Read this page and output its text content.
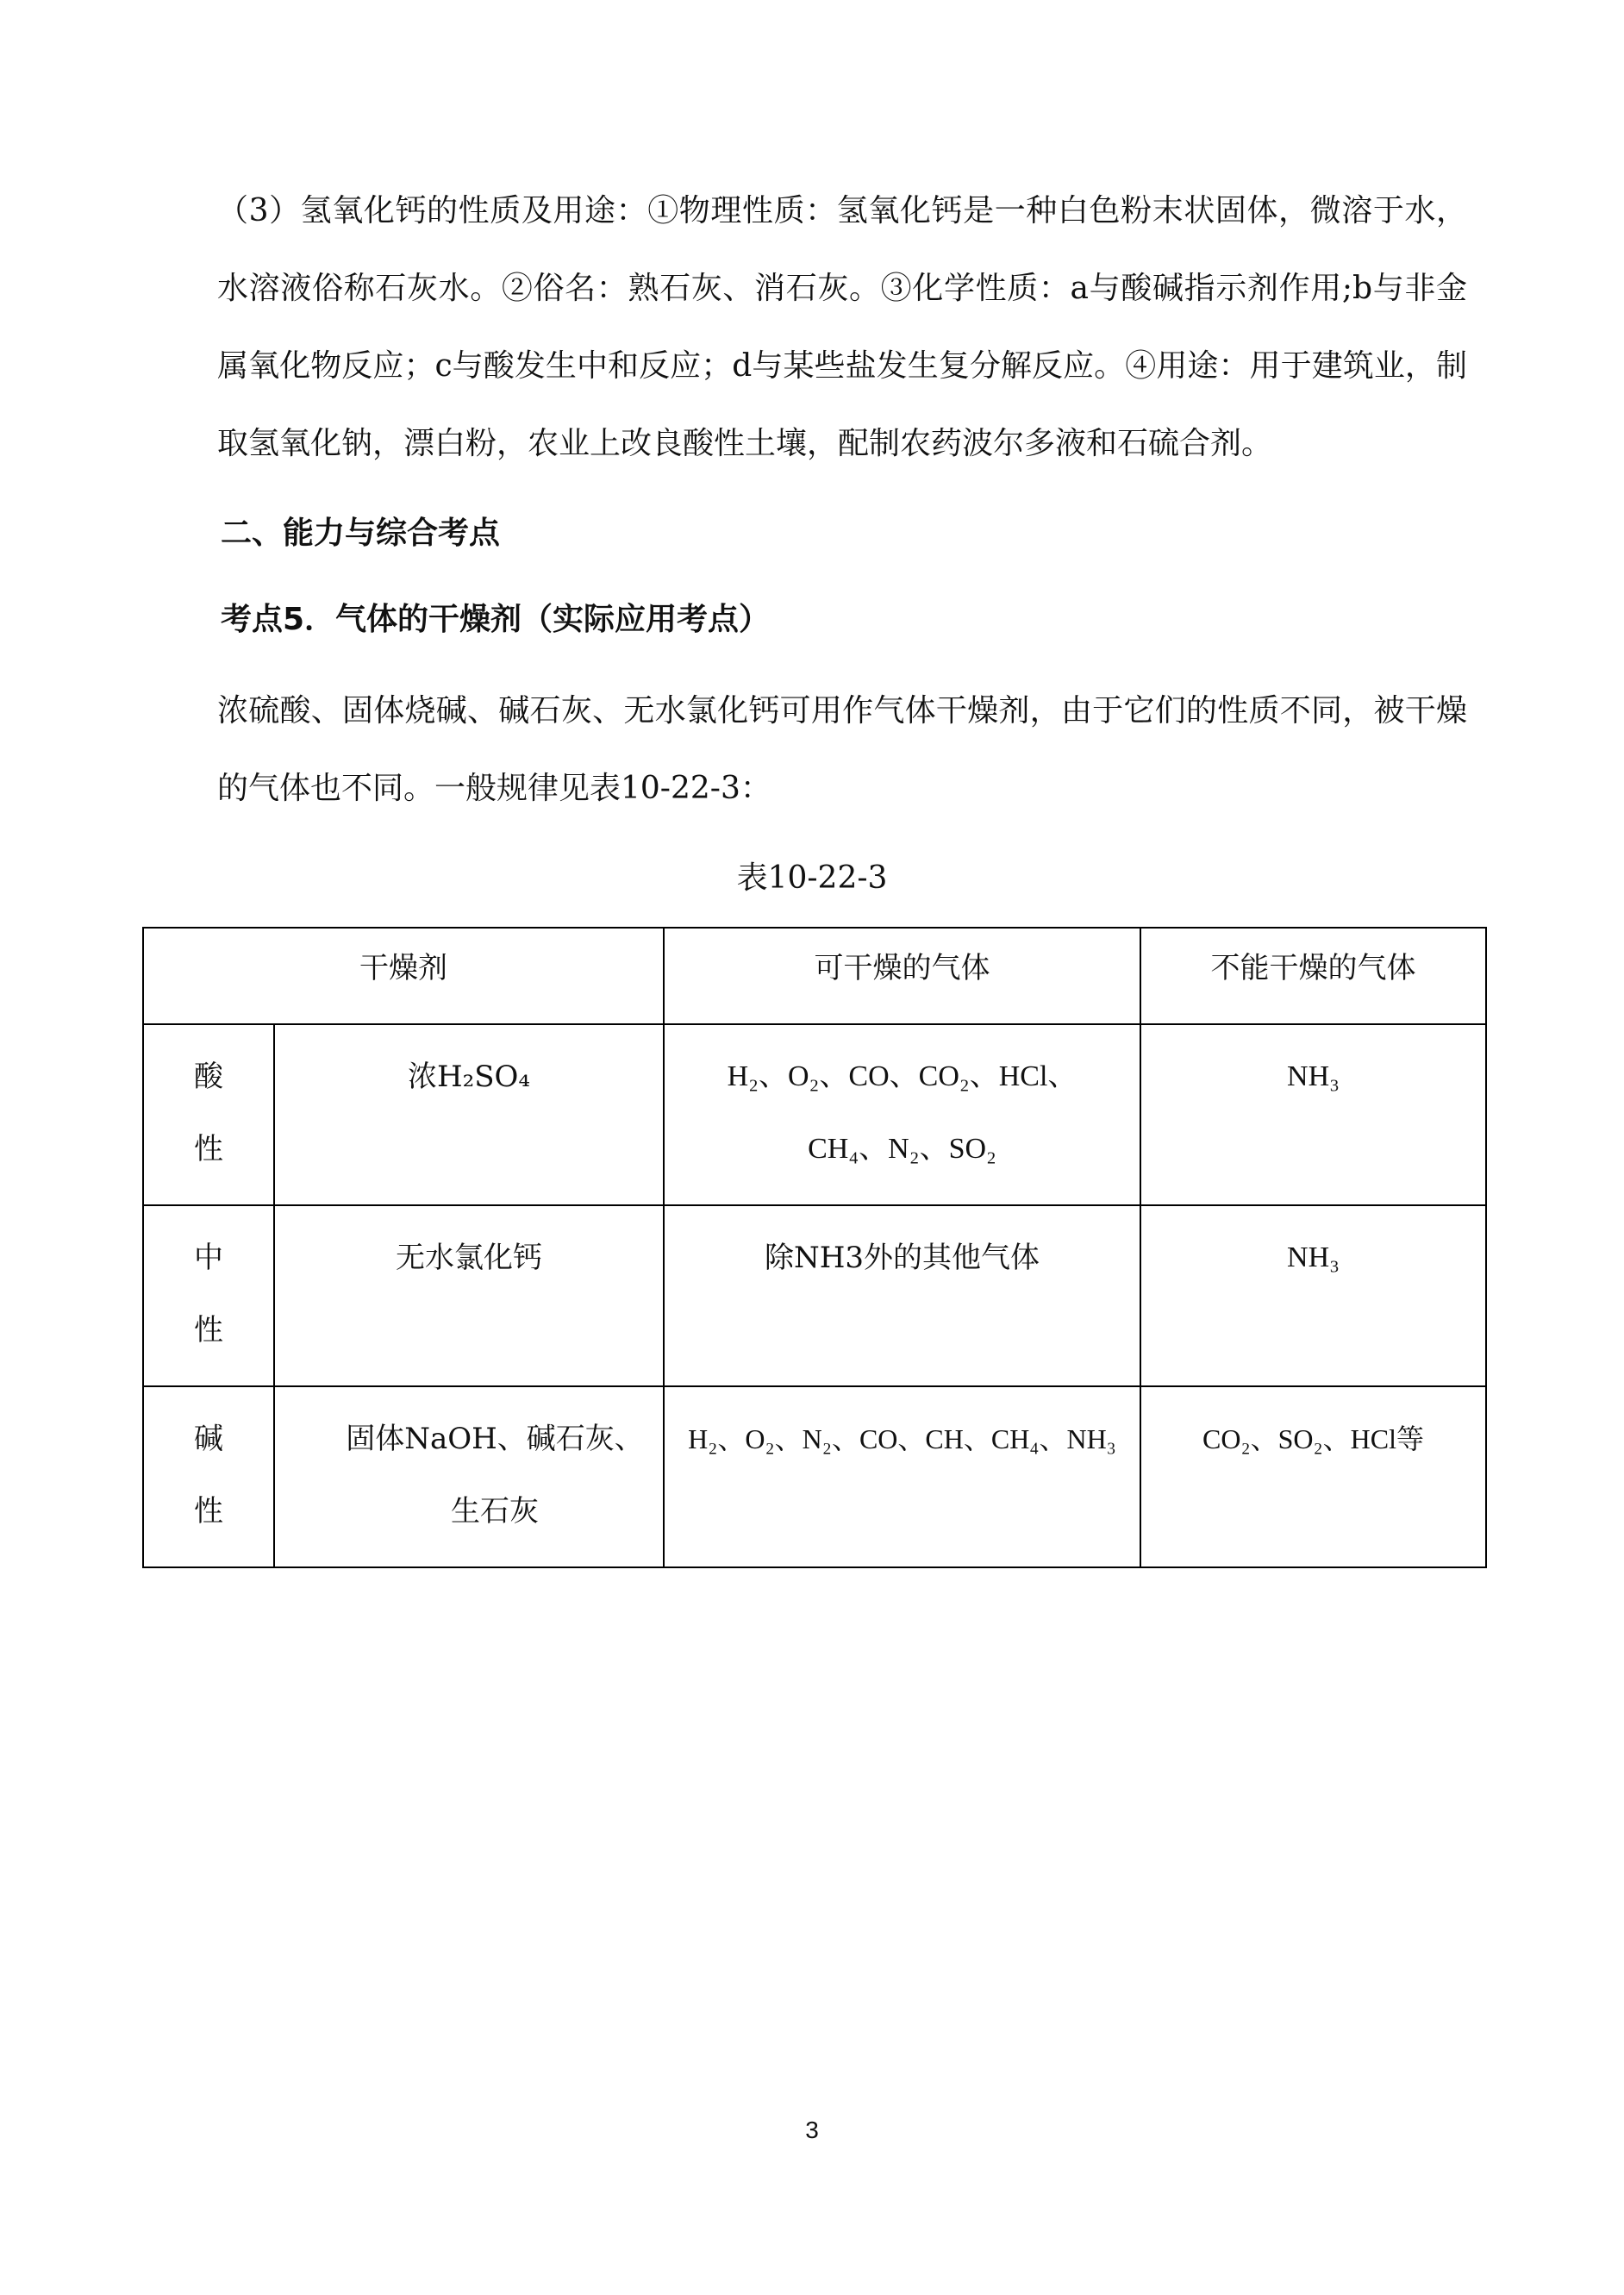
（3）氢氧化钙的性质及用途：①物理性质：氢氧化钙是一种白色粉末状固体，微溶于水，水溶液俗称石灰水。②俗名：熟石灰、消石灰。③化学性质：a与酸碱指示剂作用;b与非金属氧化物反应；c与酸发生中和反应；d与某些盐发生复分解反应。④用途：用于建筑业，制取氢氧化钠，漂白粉，农业上改良酸性土壤，配制农药波尔多液和石硫合剂。

二、能力与综合考点

考点5．气体的干燥剂（实际应用考点）

浓硫酸、固体烧碱、碱石灰、无水氯化钙可用作气体干燥剂，由于它们的性质不同，被干燥的气体也不同。一般规律见表10-22-3：

表10-22-3

干燥剂		可干燥的气体	不能干燥的气体

酸性	浓H₂SO₄	H₂、O₂、CO、CO₂、HCl、CH₄、N₂、SO₂	NH₃

中性	无水氯化钙	除NH3外的其他气体	NH₃

碱性	固体NaOH、碱石灰、生石灰	H₂、O₂、N₂、CO、CH、CH₄、NH₃	CO₂、SO₂、HCl等

3
